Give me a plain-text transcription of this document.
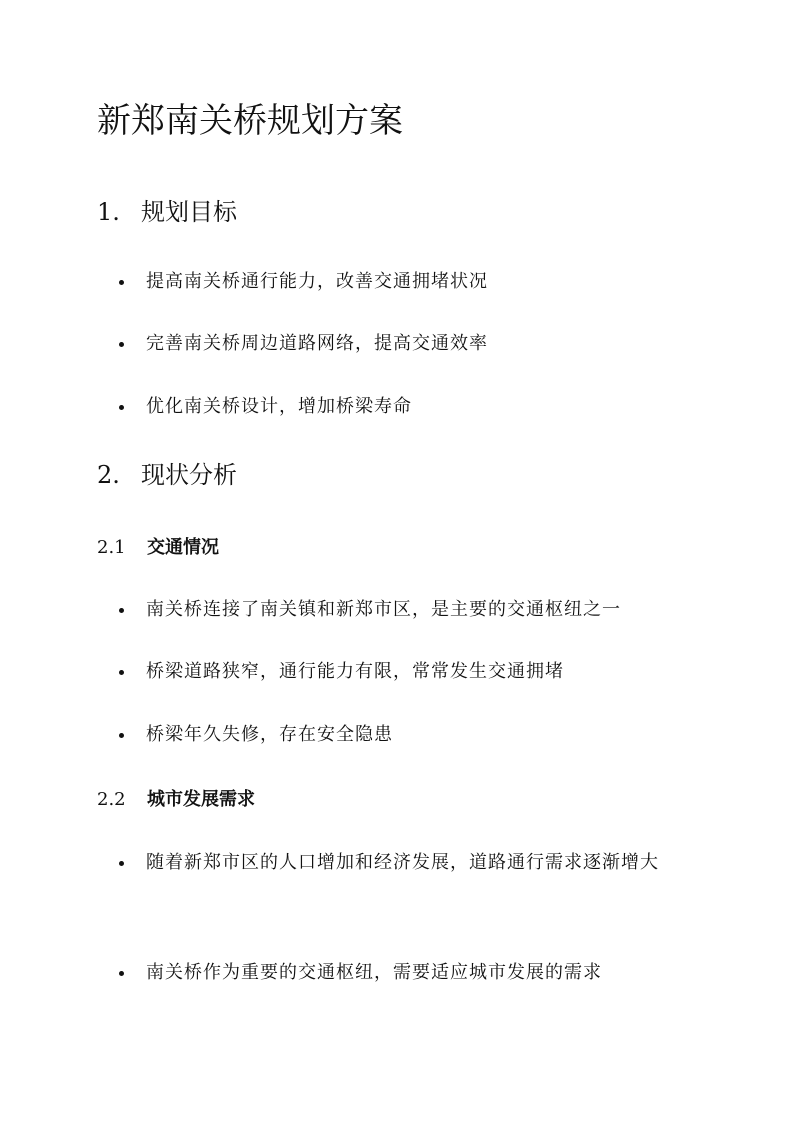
新郑南关桥规划方案
1. 规划目标
提高南关桥通行能力，改善交通拥堵状况
完善南关桥周边道路网络，提高交通效率
优化南关桥设计，增加桥梁寿命
2. 现状分析
2.1 交通情况
南关桥连接了南关镇和新郑市区，是主要的交通枢纽之一
桥梁道路狭窄，通行能力有限，常常发生交通拥堵
桥梁年久失修，存在安全隐患
2.2 城市发展需求
随着新郑市区的人口增加和经济发展，道路通行需求逐渐增大
南关桥作为重要的交通枢纽，需要适应城市发展的需求
